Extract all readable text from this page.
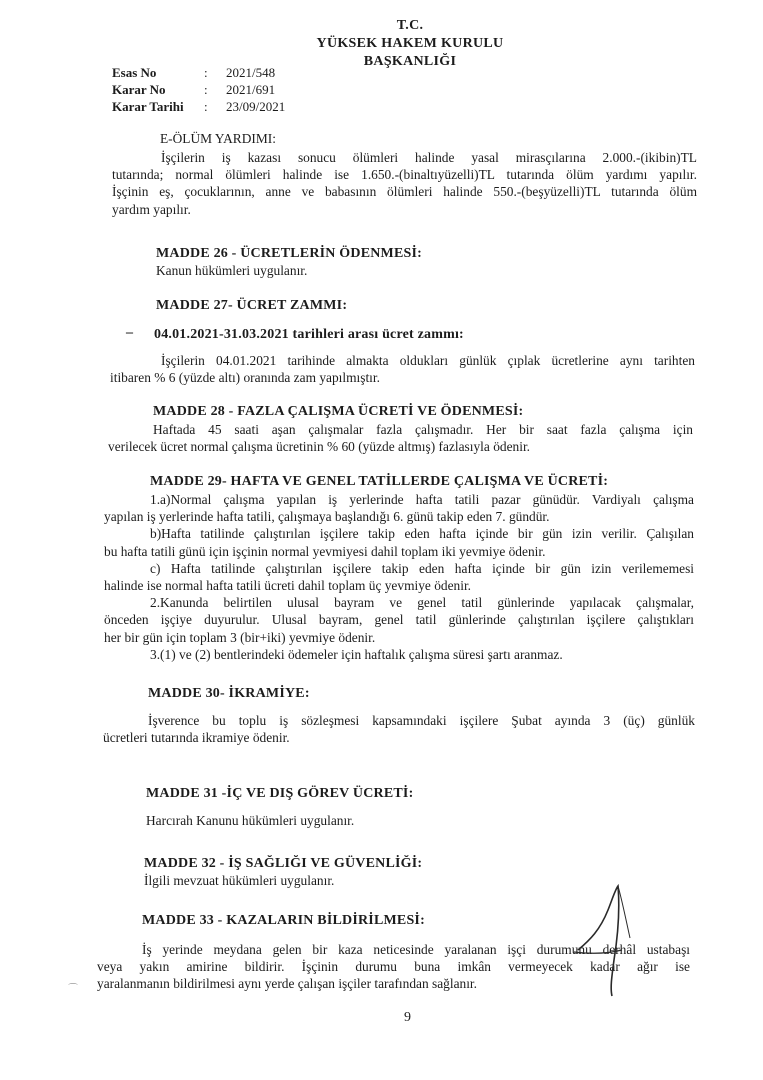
T.C.
YÜKSEK HAKEM KURULU
BAŞKANLIĞI
Esas No	:	2021/548
Karar No	:	2021/691
Karar Tarihi	:	23/09/2021
E-ÖLÜM YARDIMI:
İşçilerin iş kazası sonucu ölümleri halinde yasal mirasçılarına 2.000.-(ikibin)TL
tutarında; normal ölümleri halinde ise 1.650.-(binaltıyüzelli)TL tutarında ölüm yardımı yapılır.
İşçinin eş, çocuklarının, anne ve babasının ölümleri halinde 550.-(beşyüzelli)TL tutarında ölüm
yardım yapılır.
MADDE 26 - ÜCRETLERİN ÖDENMESİ:
Kanun hükümleri uygulanır.
MADDE 27- ÜCRET ZAMMI:
– 04.01.2021-31.03.2021 tarihleri arası ücret zammı:
İşçilerin 04.01.2021 tarihinde almakta oldukları günlük çıplak ücretlerine aynı tarihten
itibaren % 6 (yüzde altı) oranında zam yapılmıştır.
MADDE 28 - FAZLA ÇALIŞMA ÜCRETİ VE ÖDENMESİ:
Haftada 45 saati aşan çalışmalar fazla çalışmadır. Her bir saat fazla çalışma için
verilecek ücret normal çalışma ücretinin % 60 (yüzde altmış) fazlasıyla ödenir.
MADDE 29- HAFTA VE GENEL TATİLLERDE ÇALIŞMA VE ÜCRETİ:
1.a)Normal çalışma yapılan iş yerlerinde hafta tatili pazar günüdür. Vardiyalı çalışma
yapılan iş yerlerinde hafta tatili, çalışmaya başlandığı 6. günü takip eden 7. gündür.
b)Hafta tatilinde çalıştırılan işçilere takip eden hafta içinde bir gün izin verilir. Çalışılan
bu hafta tatili günü için işçinin normal yevmiyesi dahil toplam iki yevmiye ödenir.
c) Hafta tatilinde çalıştırılan işçilere takip eden hafta içinde bir gün izin verilememesi
halinde ise normal hafta tatili ücreti dahil toplam üç yevmiye ödenir.
2.Kanunda belirtilen ulusal bayram ve genel tatil günlerinde yapılacak çalışmalar,
önceden işçiye duyurulur. Ulusal bayram, genel tatil günlerinde çalıştırılan işçilere çalıştıkları
her bir gün için toplam 3 (bir+iki) yevmiye ödenir.
3.(1) ve (2) bentlerindeki ödemeler için haftalık çalışma süresi şartı aranmaz.
MADDE 30- İKRAMİYE:
İşverence bu toplu iş sözleşmesi kapsamındaki işçilere Şubat ayında 3 (üç) günlük
ücretleri tutarında ikramiye ödenir.
MADDE 31 -İÇ VE DIŞ GÖREV ÜCRETİ:
Harcırah Kanunu hükümleri uygulanır.
MADDE 32 - İŞ SAĞLIĞI VE GÜVENLİĞİ:
İlgili mevzuat hükümleri uygulanır.
MADDE 33 - KAZALARIN BİLDİRİLMESİ:
İş yerinde meydana gelen bir kaza neticesinde yaralanan işçi durumunu derhâl ustabaşı
veya yakın amirine bildirir. İşçinin durumu buna imkân vermeyecek kadar ağır ise
yaralanmanın bildirilmesi aynı yerde çalışan işçiler tarafından sağlanır.
⌒
9
